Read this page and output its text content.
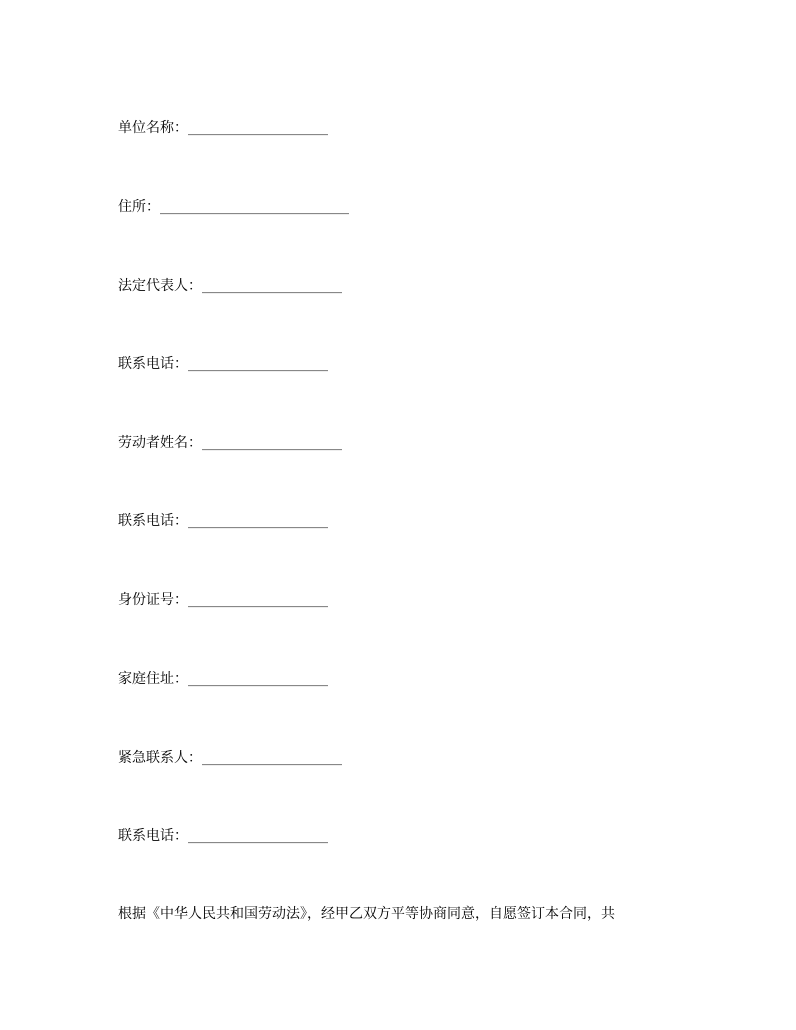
单位名称： ____________________
住所： ___________________________
法定代表人： ____________________
联系电话： ____________________
劳动者姓名： ____________________
联系电话： ____________________
身份证号： ____________________
家庭住址： ____________________
紧急联系人： ____________________
联系电话： ____________________
根据《中华人民共和国劳动法》，经甲乙双方平等协商同意，自愿签订本合同，共
